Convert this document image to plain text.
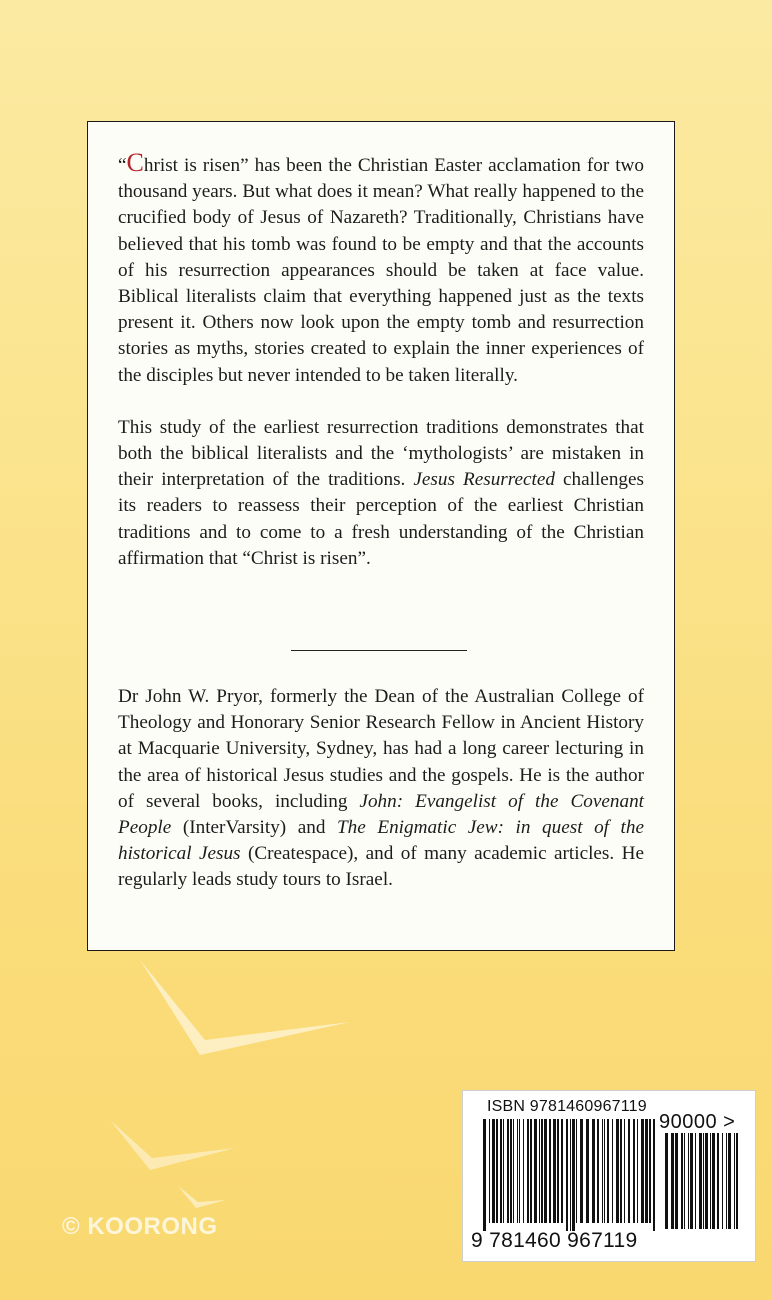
“Christ is risen” has been the Christian Easter acclamation for two thousand years. But what does it mean? What really happened to the crucified body of Jesus of Nazareth? Traditionally, Christians have believed that his tomb was found to be empty and that the accounts of his resurrection appearances should be taken at face value. Biblical literalists claim that everything happened just as the texts present it. Others now look upon the empty tomb and resurrection stories as myths, stories created to explain the inner experiences of the disciples but never intended to be taken literally.

This study of the earliest resurrection traditions demonstrates that both the biblical literalists and the ‘mythologists’ are mistaken in their interpretation of the traditions. Jesus Resurrected challenges its readers to reassess their perception of the earliest Christian traditions and to come to a fresh understanding of the Christian affirmation that “Christ is risen”.

Dr John W. Pryor, formerly the Dean of the Australian College of Theology and Honorary Senior Research Fellow in Ancient History at Macquarie University, Sydney, has had a long career lecturing in the area of historical Jesus studies and the gospels. He is the author of several books, including John: Evangelist of the Covenant People (InterVarsity) and The Enigmatic Jew: in quest of the historical Jesus (Createspace), and of many academic articles. He regularly leads study tours to Israel.

© KOORONG
ISBN 9781460967119
90000 >
9 781460 967119
